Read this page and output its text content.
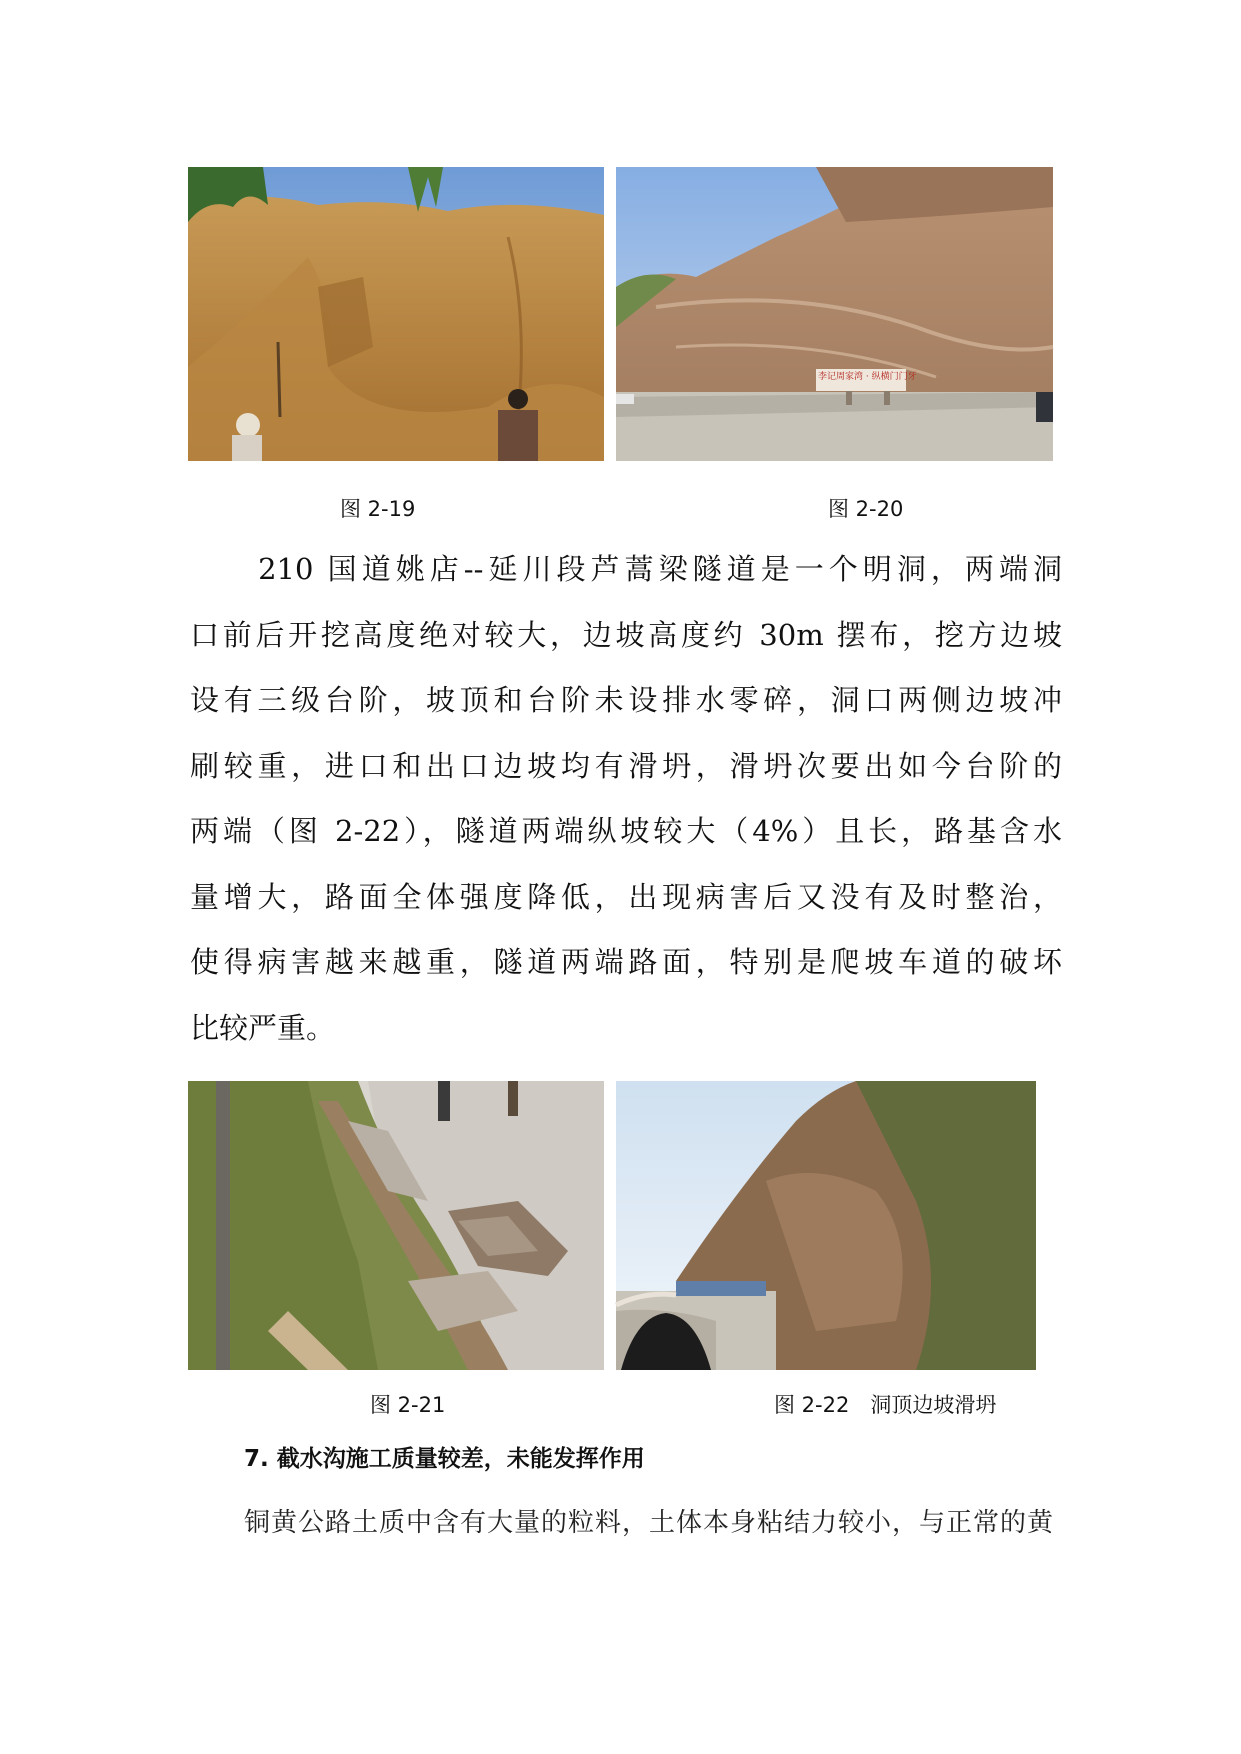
李记周家湾 · 纵横门门牙
图 2-19	图 2-20
　　210 国道姚店--延川段芦蒿梁隧道是一个明洞，两端洞
口前后开挖高度绝对较大，边坡高度约 30m 摆布，挖方边坡
设有三级台阶，坡顶和台阶未设排水零碎，洞口两侧边坡冲
刷较重，进口和出口边坡均有滑坍，滑坍次要出如今台阶的
两端（图 2-22），隧道两端纵坡较大（4%）且长，路基含水
量增大，路面全体强度降低，出现病害后又没有及时整治，
使得病害越来越重，隧道两端路面，特别是爬坡车道的破坏
比较严重。
图 2-21	图 2-22　洞顶边坡滑坍
7. 截水沟施工质量较差，未能发挥作用
铜黄公路土质中含有大量的粒料，土体本身粘结力较小，与正常的黄
